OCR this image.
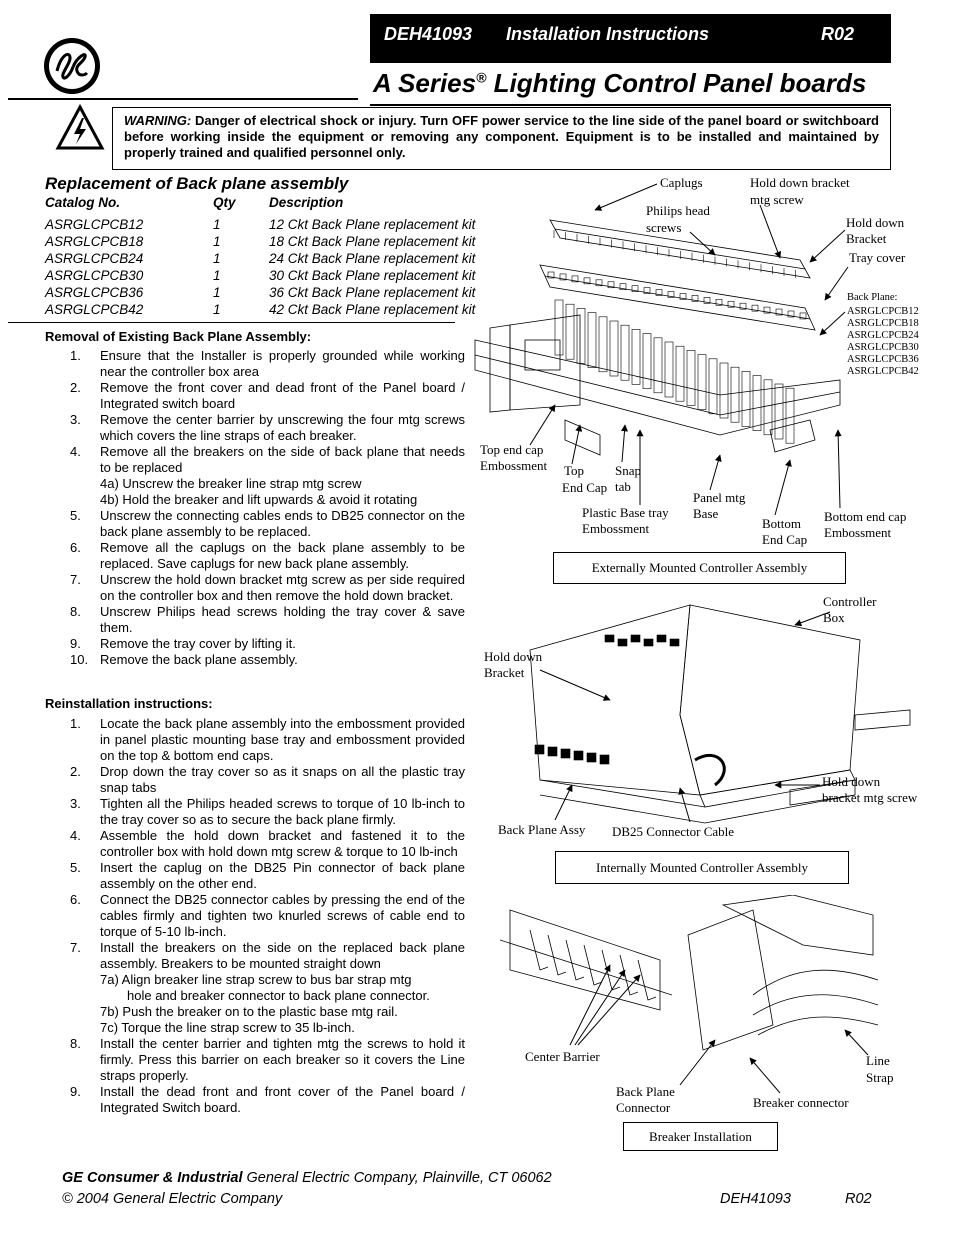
DEH41093 Installation Instructions	R02
A Series® Lighting Control Panel boards
WARNING: Danger of electrical shock or injury. Turn OFF power service to the line side of the panel board or switchboard before working inside the equipment or removing any component. Equipment is to be installed and maintained by properly trained and qualified personnel only.
Replacement of Back plane assembly
Catalog No.	Qty Description
ASRGLCPCB12	1	12 Ckt Back Plane replacement kit
ASRGLCPCB18	1	18 Ckt Back Plane replacement kit
ASRGLCPCB24	1	24 Ckt Back Plane replacement kit
ASRGLCPCB30	1	30 Ckt Back Plane replacement kit
ASRGLCPCB36	1	36 Ckt Back Plane replacement kit
ASRGLCPCB42	1	42 Ckt Back Plane replacement kit
Removal of Existing Back Plane Assembly:
1. Ensure that the Installer is properly grounded while working near the controller box area
2. Remove the front cover and dead front of the Panel board / Integrated switch board
3. Remove the center barrier by unscrewing the four mtg screws which covers the line straps of each breaker.
4. Remove all the breakers on the side of back plane that needs to be replaced
4a) Unscrew the breaker line strap mtg screw
4b) Hold the breaker and lift upwards & avoid it rotating
5. Unscrew the connecting cables ends to DB25 connector on the back plane assembly to be replaced.
6. Remove all the caplugs on the back plane assembly to be replaced. Save caplugs for new back plane assembly.
7. Unscrew the hold down bracket mtg screw as per side required on the controller box and then remove the hold down bracket.
8. Unscrew Philips head screws holding the tray cover & save them.
9. Remove the tray cover by lifting it.
10. Remove the back plane assembly.
Reinstallation instructions:
1. Locate the back plane assembly into the embossment provided in panel plastic mounting base tray and embossment provided on the top & bottom end caps.
2. Drop down the tray cover so as it snaps on all the plastic tray snap tabs
3. Tighten all the Philips headed screws to torque of 10 lb-inch to the tray cover so as to secure the back plane firmly.
4. Assemble the hold down bracket and fastened it to the controller box with hold down mtg screw & torque to 10 lb-inch
5. Insert the caplug on the DB25 Pin connector of back plane assembly on the other end.
6. Connect the DB25 connector cables by pressing the end of the cables firmly and tighten two knurled screws of cable end to torque of 5-10 lb-inch.
7. Install the breakers on the side on the replaced back plane assembly. Breakers to be mounted straight down
7a) Align breaker line strap screw to bus bar strap mtg
hole and breaker connector to back plane connector.
7b) Push the breaker on to the plastic base mtg rail.
7c) Torque the line strap screw to 35 lb-inch.
8. Install the center barrier and tighten mtg the screws to hold it firmly. Press this barrier on each breaker so it covers the Line straps properly.
9. Install the dead front and front cover of the Panel board / Integrated Switch board.
Caplugs	Hold down bracket
mtg screw
Philips head
screws	Hold down
Bracket
Tray cover
Back Plane:
ASRGLCPCB12
ASRGLCPCB18
ASRGLCPCB24
ASRGLCPCB30
ASRGLCPCB36
ASRGLCPCB42
Top end cap
Embossment Top
End Cap
Snap
tab
Panel mtg
Base
Plastic Base tray
Embossment	Bottom
End Cap
Bottom end cap
Embossment
Externally Mounted Controller Assembly
Controller
Box
Hold down
Bracket
Hold down
bracket mtg screw
Back Plane Assy DB25 Connector Cable
Internally Mounted Controller Assembly
Center Barrier
Back Plane
Connector	Breaker connector
Line
Strap
Breaker Installation
GE Consumer & Industrial General Electric Company, Plainville, CT 06062
© 2004 General Electric Company	DEH41093	R02
